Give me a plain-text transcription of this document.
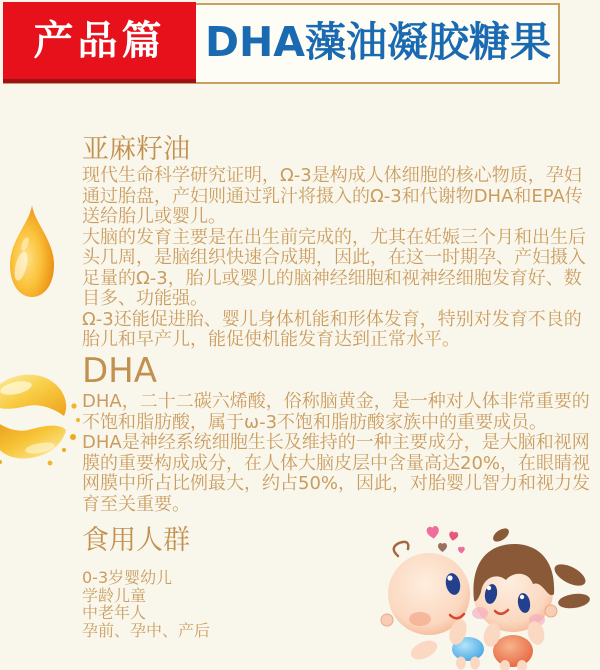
产品篇 DHA藻油凝胶糖果
亚麻籽油

现代生命科学研究证明，Ω-3是构成人体细胞的核心物质，孕妇通过胎盘，产妇则通过乳汁将摄入的Ω-3和代谢物DHA和EPA传送给胎儿或婴儿。

大脑的发育主要是在出生前完成的，尤其在妊娠三个月和出生后头几周，是脑组织快速合成期，因此，在这一时期孕、产妇摄入足量的Ω-3，胎儿或婴儿的脑神经细胞和视神经细胞发育好、数目多、功能强。

Ω-3还能促进胎、婴儿身体机能和形体发育，特别对发育不良的胎儿和早产儿，能促使机能发育达到正常水平。

DHA

DHA，二十二碳六烯酸，俗称脑黄金，是一种对人体非常重要的不饱和脂肪酸，属于ω-3不饱和脂肪酸家族中的重要成员。

DHA是神经系统细胞生长及维持的一种主要成分，是大脑和视网膜的重要构成成分，在人体大脑皮层中含量高达20%，在眼睛视网膜中所占比例最大，约占50%，因此，对胎婴儿智力和视力发育至关重要。

食用人群
0-3岁婴幼儿
学龄儿童
中老年人
孕前、孕中、产后
